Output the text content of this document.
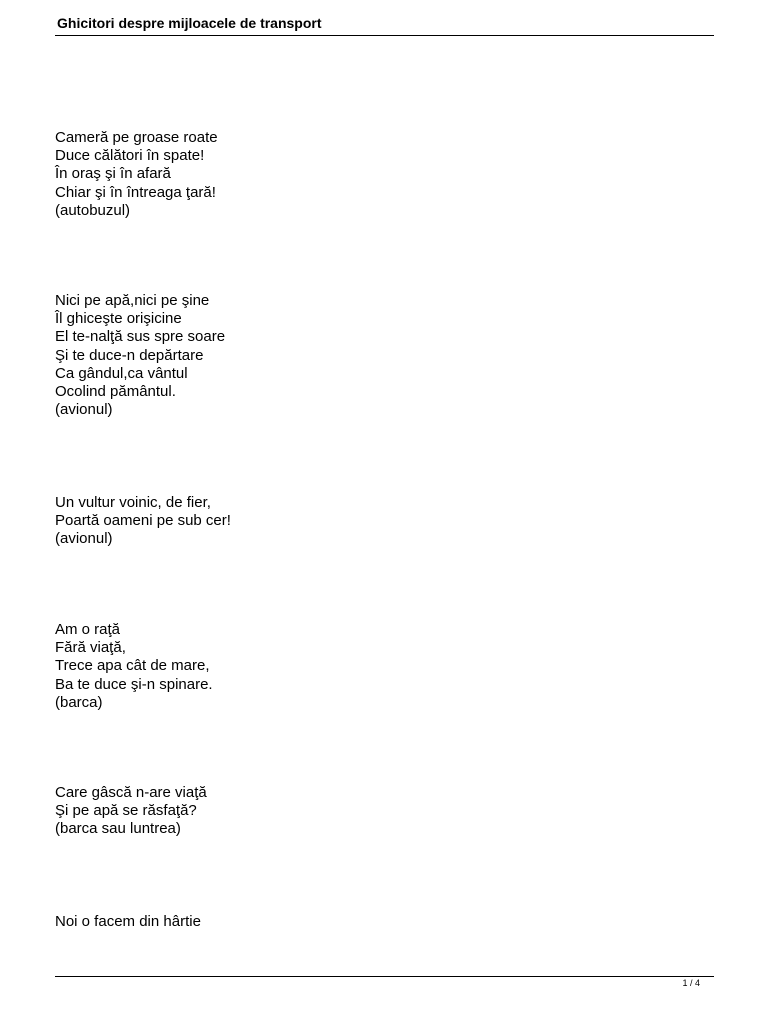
Ghicitori despre mijloacele de transport

Cameră pe groase roate
Duce călători în spate!
În oraş şi în afară
Chiar şi în întreaga ţară!
(autobuzul)

Nici pe apă,nici pe şine
Îl ghiceşte orişicine
El te-nalţă sus spre soare
Şi te duce-n depărtare
Ca gândul,ca vântul
Ocolind pământul.
(avionul)

Un vultur voinic, de fier,
Poartă oameni pe sub cer!
(avionul)

Am o raţă
Fără viaţă,
Trece apa cât de mare,
Ba te duce şi-n spinare.
(barca)

Care gâscă n-are viaţă
Şi pe apă se răsfaţă?
(barca sau luntrea)

Noi o facem din hârtie

1 / 4
